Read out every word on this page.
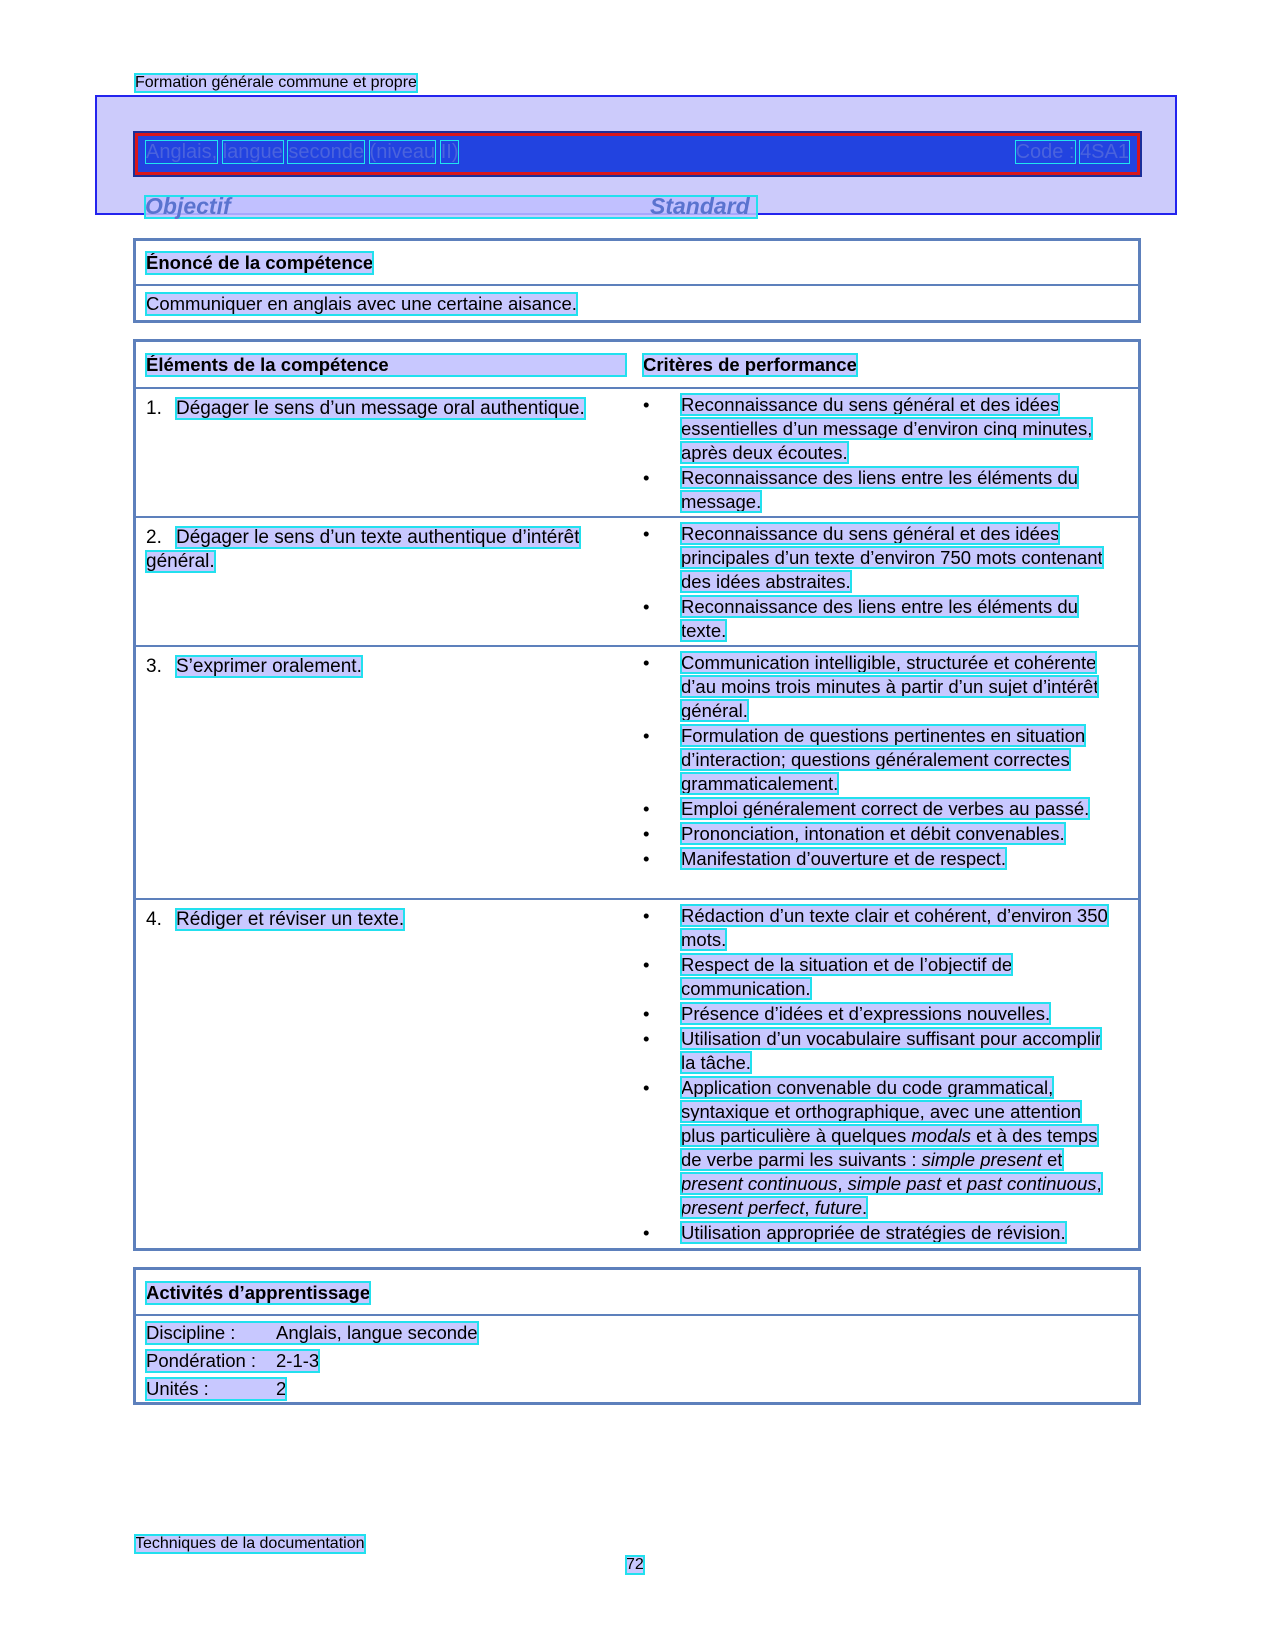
Formation générale commune et propre
Anglais, langue seconde (niveau II)	Code : 4SA1
Objectif	Standard
Énoncé de la compétence
Communiquer en anglais avec une certaine aisance.
Éléments de la compétence	Critères de performance
1. Dégager le sens d’un message oral authentique.	• Reconnaissance du sens général et des idées essentielles d’un message d’environ cinq minutes, après deux écoutes.
• Reconnaissance des liens entre les éléments du message.
2. Dégager le sens d’un texte authentique d’intérêt général.
• Reconnaissance du sens général et des idées principales d’un texte d’environ 750 mots contenant des idées abstraites.
• Reconnaissance des liens entre les éléments du texte.
3. S’exprimer oralement.	• Communication intelligible, structurée et cohérente d’au moins trois minutes à partir d’un sujet d’intérêt général.
• Formulation de questions pertinentes en situation d’interaction; questions généralement correctes grammaticalement.
• Emploi généralement correct de verbes au passé.
• Prononciation, intonation et débit convenables.
• Manifestation d’ouverture et de respect.
4. Rédiger et réviser un texte.	• Rédaction d’un texte clair et cohérent, d’environ 350 mots.
• Respect de la situation et de l’objectif de communication.
• Présence d’idées et d’expressions nouvelles.
• Utilisation d’un vocabulaire suffisant pour accomplir la tâche.
• Application convenable du code grammatical, syntaxique et orthographique, avec une attention plus particulière à quelques modals et à des temps de verbe parmi les suivants : simple present et present continuous, simple past et past continuous, present perfect, future.
• Utilisation appropriée de stratégies de révision.
Activités d’apprentissage
Discipline : Anglais, langue seconde
Pondération : 2-1-3
Unités :	2
Techniques de la documentation
72
